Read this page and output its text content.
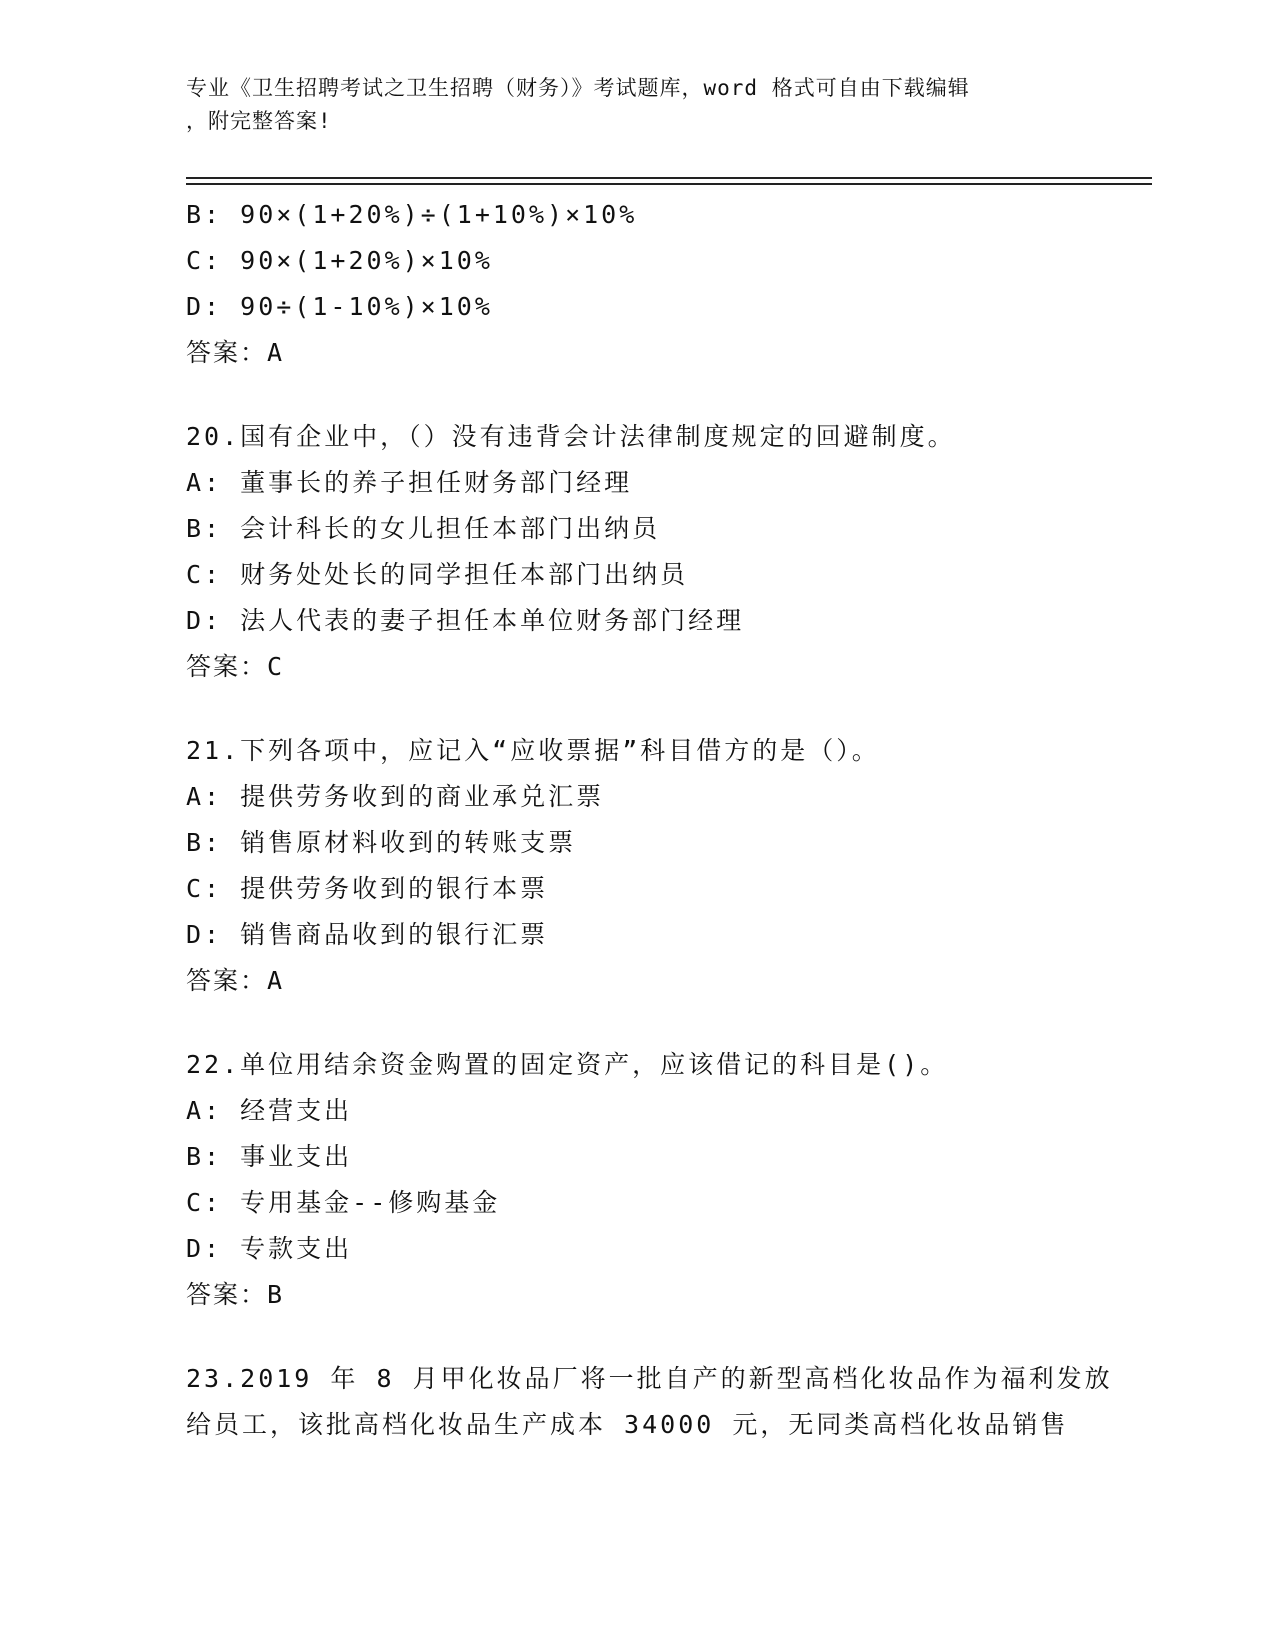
专业《卫生招聘考试之卫生招聘（财务）》考试题库，word 格式可自由下载编辑
，附完整答案!
B: 90×(1+20%)÷(1+10%)×10%
C: 90×(1+20%)×10%
D: 90÷(1-10%)×10%
答案：A
20.国有企业中，（）没有违背会计法律制度规定的回避制度。
A: 董事长的养子担任财务部门经理
B: 会计科长的女儿担任本部门出纳员
C: 财务处处长的同学担任本部门出纳员
D: 法人代表的妻子担任本单位财务部门经理
答案：C
21.下列各项中，应记入“应收票据”科目借方的是（）。
A: 提供劳务收到的商业承兑汇票
B: 销售原材料收到的转账支票
C: 提供劳务收到的银行本票
D: 销售商品收到的银行汇票
答案：A
22.单位用结余资金购置的固定资产，应该借记的科目是()。
A: 经营支出
B: 事业支出
C: 专用基金--修购基金
D: 专款支出
答案：B
23.2019 年 8 月甲化妆品厂将一批自产的新型高档化妆品作为福利发放
给员工，该批高档化妆品生产成本 34000 元，无同类高档化妆品销售
